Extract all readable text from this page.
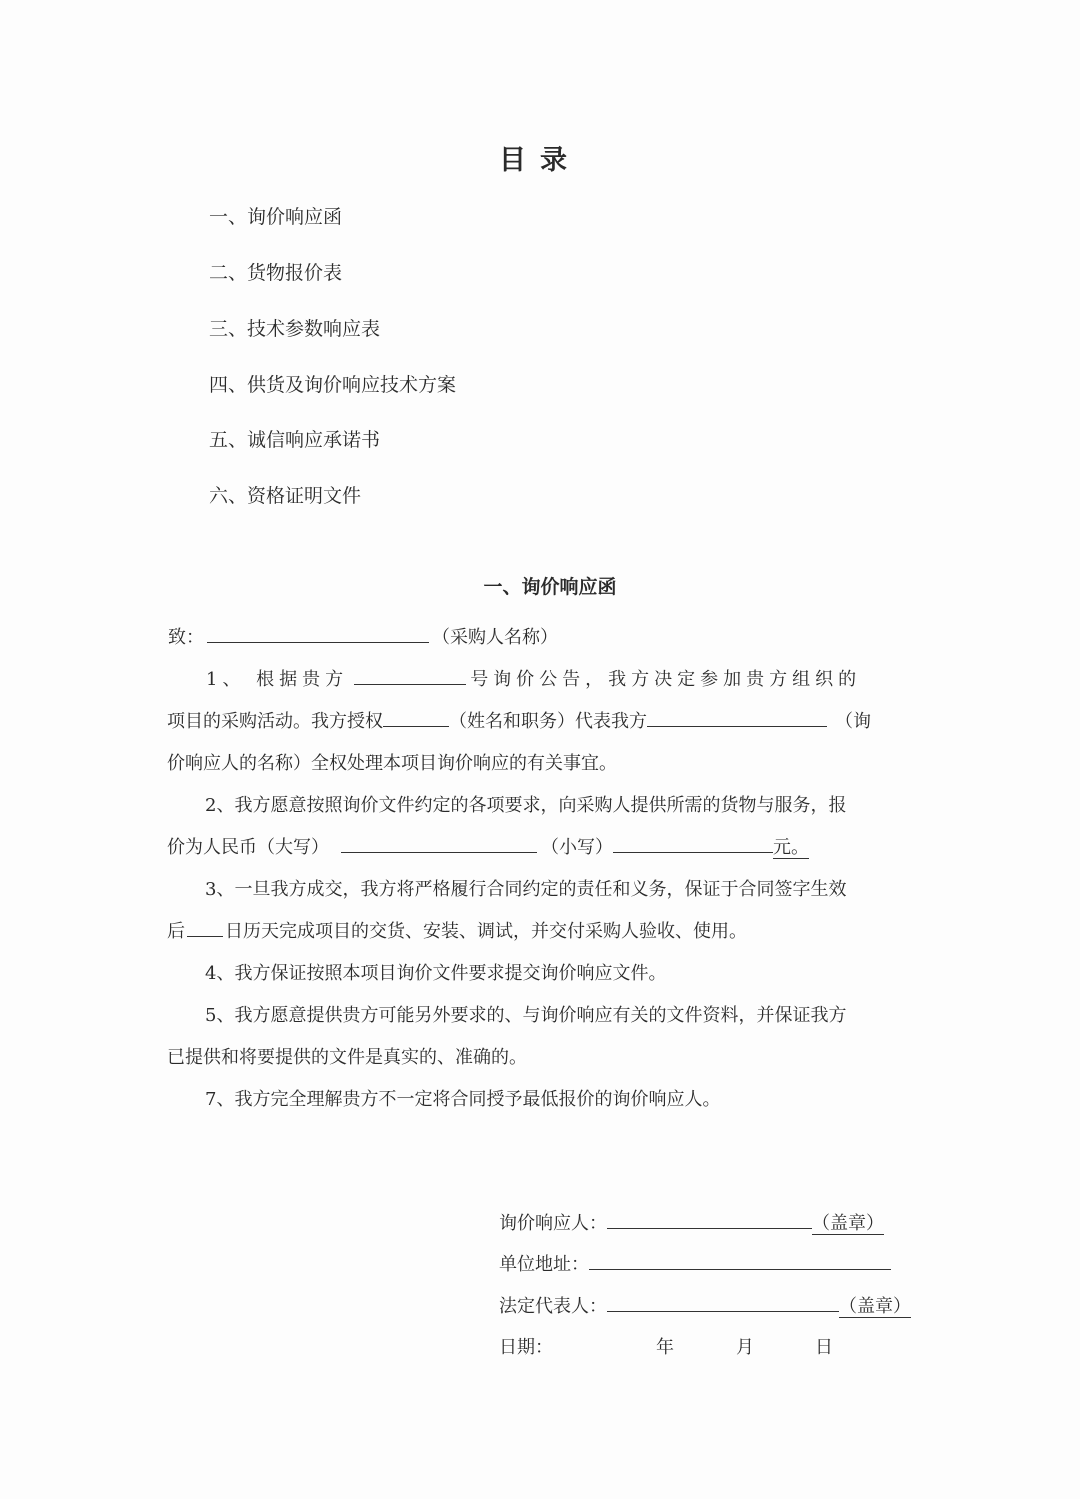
目录
一、询价响应函
二、货物报价表
三、技术参数响应表
四、供货及询价响应技术方案
五、诚信响应承诺书
六、资格证明文件
一、询价响应函
致：	（采购人名称）
1、 根据贵方	号询价公告，我方决定参加贵方组织的
项目的采购活动。我方授权	（姓名和职务）代表我方	（询
价响应人的名称）全权处理本项目询价响应的有关事宜。
2、我方愿意按照询价文件约定的各项要求，向采购人提供所需的货物与服务，报
价为人民币（大写）	（小写）	元。
3、一旦我方成交，我方将严格履行合同约定的责任和义务，保证于合同签字生效
后 日历天完成项目的交货、安装、调试，并交付采购人验收、使用。
4、我方保证按照本项目询价文件要求提交询价响应文件。
5、我方愿意提供贵方可能另外要求的、与询价响应有关的文件资料，并保证我方
已提供和将要提供的文件是真实的、准确的。
7、我方完全理解贵方不一定将合同授予最低报价的询价响应人。
询价响应人：	（盖章）
单位地址：
法定代表人：	（盖章）
日期：	年	月	日
